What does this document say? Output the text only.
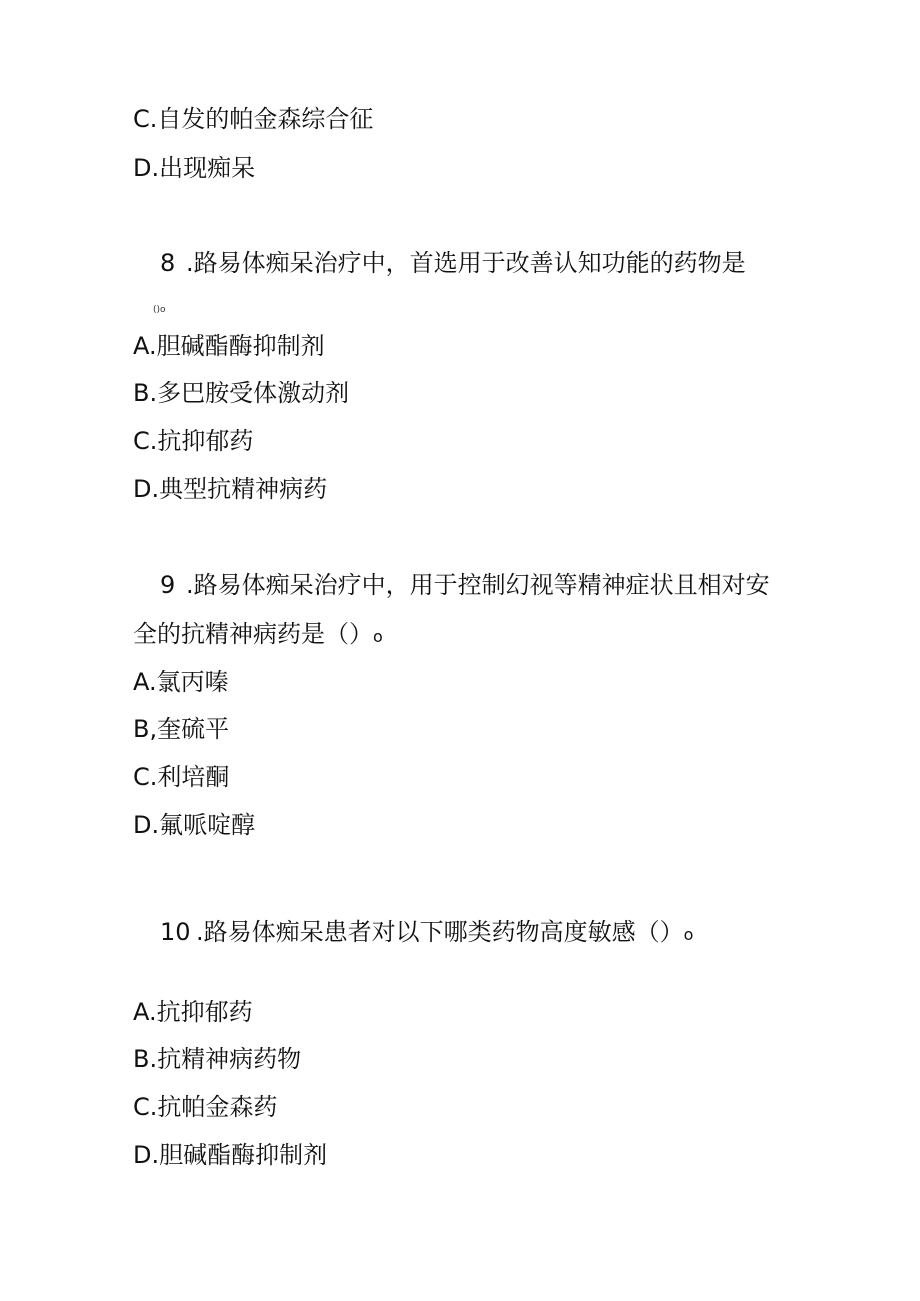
C.自发的帕金森综合征
D.出现痴呆
8 .路易体痴呆治疗中，首选用于改善认知功能的药物是
()o
A.胆碱酯酶抑制剂
B.多巴胺受体激动剂
C.抗抑郁药
D.典型抗精神病药
9 .路易体痴呆治疗中，用于控制幻视等精神症状且相对安
全的抗精神病药是（）o
A.氯丙嗪
B,奎硫平
C.利培酮
D.氟哌啶醇
10 .路易体痴呆患者对以下哪类药物高度敏感（）o
A.抗抑郁药
B.抗精神病药物
C.抗帕金森药
D.胆碱酯酶抑制剂
